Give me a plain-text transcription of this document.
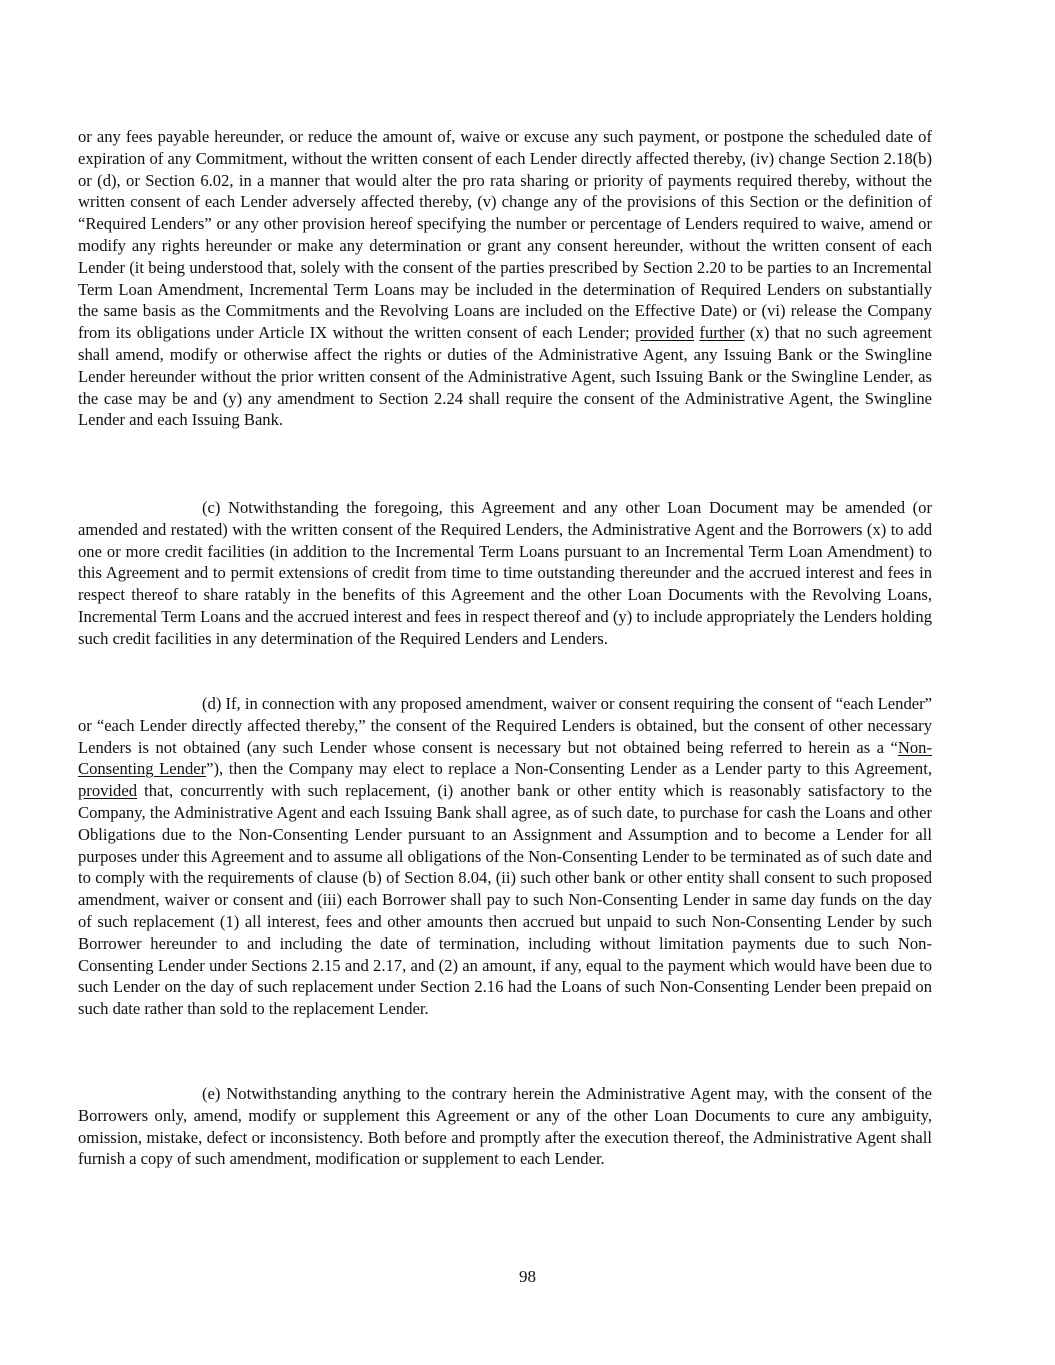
or any fees payable hereunder, or reduce the amount of, waive or excuse any such payment, or postpone the scheduled date of expiration of any Commitment, without the written consent of each Lender directly affected thereby, (iv) change Section 2.18(b) or (d), or Section 6.02, in a manner that would alter the pro rata sharing or priority of payments required thereby, without the written consent of each Lender adversely affected thereby, (v) change any of the provisions of this Section or the definition of “Required Lenders” or any other provision hereof specifying the number or percentage of Lenders required to waive, amend or modify any rights hereunder or make any determination or grant any consent hereunder, without the written consent of each Lender (it being understood that, solely with the consent of the parties prescribed by Section 2.20 to be parties to an Incremental Term Loan Amendment, Incremental Term Loans may be included in the determination of Required Lenders on substantially the same basis as the Commitments and the Revolving Loans are included on the Effective Date) or (vi) release the Company from its obligations under Article IX without the written consent of each Lender; provided further (x) that no such agreement shall amend, modify or otherwise affect the rights or duties of the Administrative Agent, any Issuing Bank or the Swingline Lender hereunder without the prior written consent of the Administrative Agent, such Issuing Bank or the Swingline Lender, as the case may be and (y) any amendment to Section 2.24 shall require the consent of the Administrative Agent, the Swingline Lender and each Issuing Bank.

(c) Notwithstanding the foregoing, this Agreement and any other Loan Document may be amended (or amended and restated) with the written consent of the Required Lenders, the Administrative Agent and the Borrowers (x) to add one or more credit facilities (in addition to the Incremental Term Loans pursuant to an Incremental Term Loan Amendment) to this Agreement and to permit extensions of credit from time to time outstanding thereunder and the accrued interest and fees in respect thereof to share ratably in the benefits of this Agreement and the other Loan Documents with the Revolving Loans, Incremental Term Loans and the accrued interest and fees in respect thereof and (y) to include appropriately the Lenders holding such credit facilities in any determination of the Required Lenders and Lenders.

(d) If, in connection with any proposed amendment, waiver or consent requiring the consent of “each Lender” or “each Lender directly affected thereby,” the consent of the Required Lenders is obtained, but the consent of other necessary Lenders is not obtained (any such Lender whose consent is necessary but not obtained being referred to herein as a “Non-Consenting Lender”), then the Company may elect to replace a Non-Consenting Lender as a Lender party to this Agreement, provided that, concurrently with such replacement, (i) another bank or other entity which is reasonably satisfactory to the Company, the Administrative Agent and each Issuing Bank shall agree, as of such date, to purchase for cash the Loans and other Obligations due to the Non-Consenting Lender pursuant to an Assignment and Assumption and to become a Lender for all purposes under this Agreement and to assume all obligations of the Non-Consenting Lender to be terminated as of such date and to comply with the requirements of clause (b) of Section 8.04, (ii) such other bank or other entity shall consent to such proposed amendment, waiver or consent and (iii) each Borrower shall pay to such Non-Consenting Lender in same day funds on the day of such replacement (1) all interest, fees and other amounts then accrued but unpaid to such Non-Consenting Lender by such Borrower hereunder to and including the date of termination, including without limitation payments due to such Non-Consenting Lender under Sections 2.15 and 2.17, and (2) an amount, if any, equal to the payment which would have been due to such Lender on the day of such replacement under Section 2.16 had the Loans of such Non-Consenting Lender been prepaid on such date rather than sold to the replacement Lender.

(e) Notwithstanding anything to the contrary herein the Administrative Agent may, with the consent of the Borrowers only, amend, modify or supplement this Agreement or any of the other Loan Documents to cure any ambiguity, omission, mistake, defect or inconsistency. Both before and promptly after the execution thereof, the Administrative Agent shall furnish a copy of such amendment, modification or supplement to each Lender.

98
